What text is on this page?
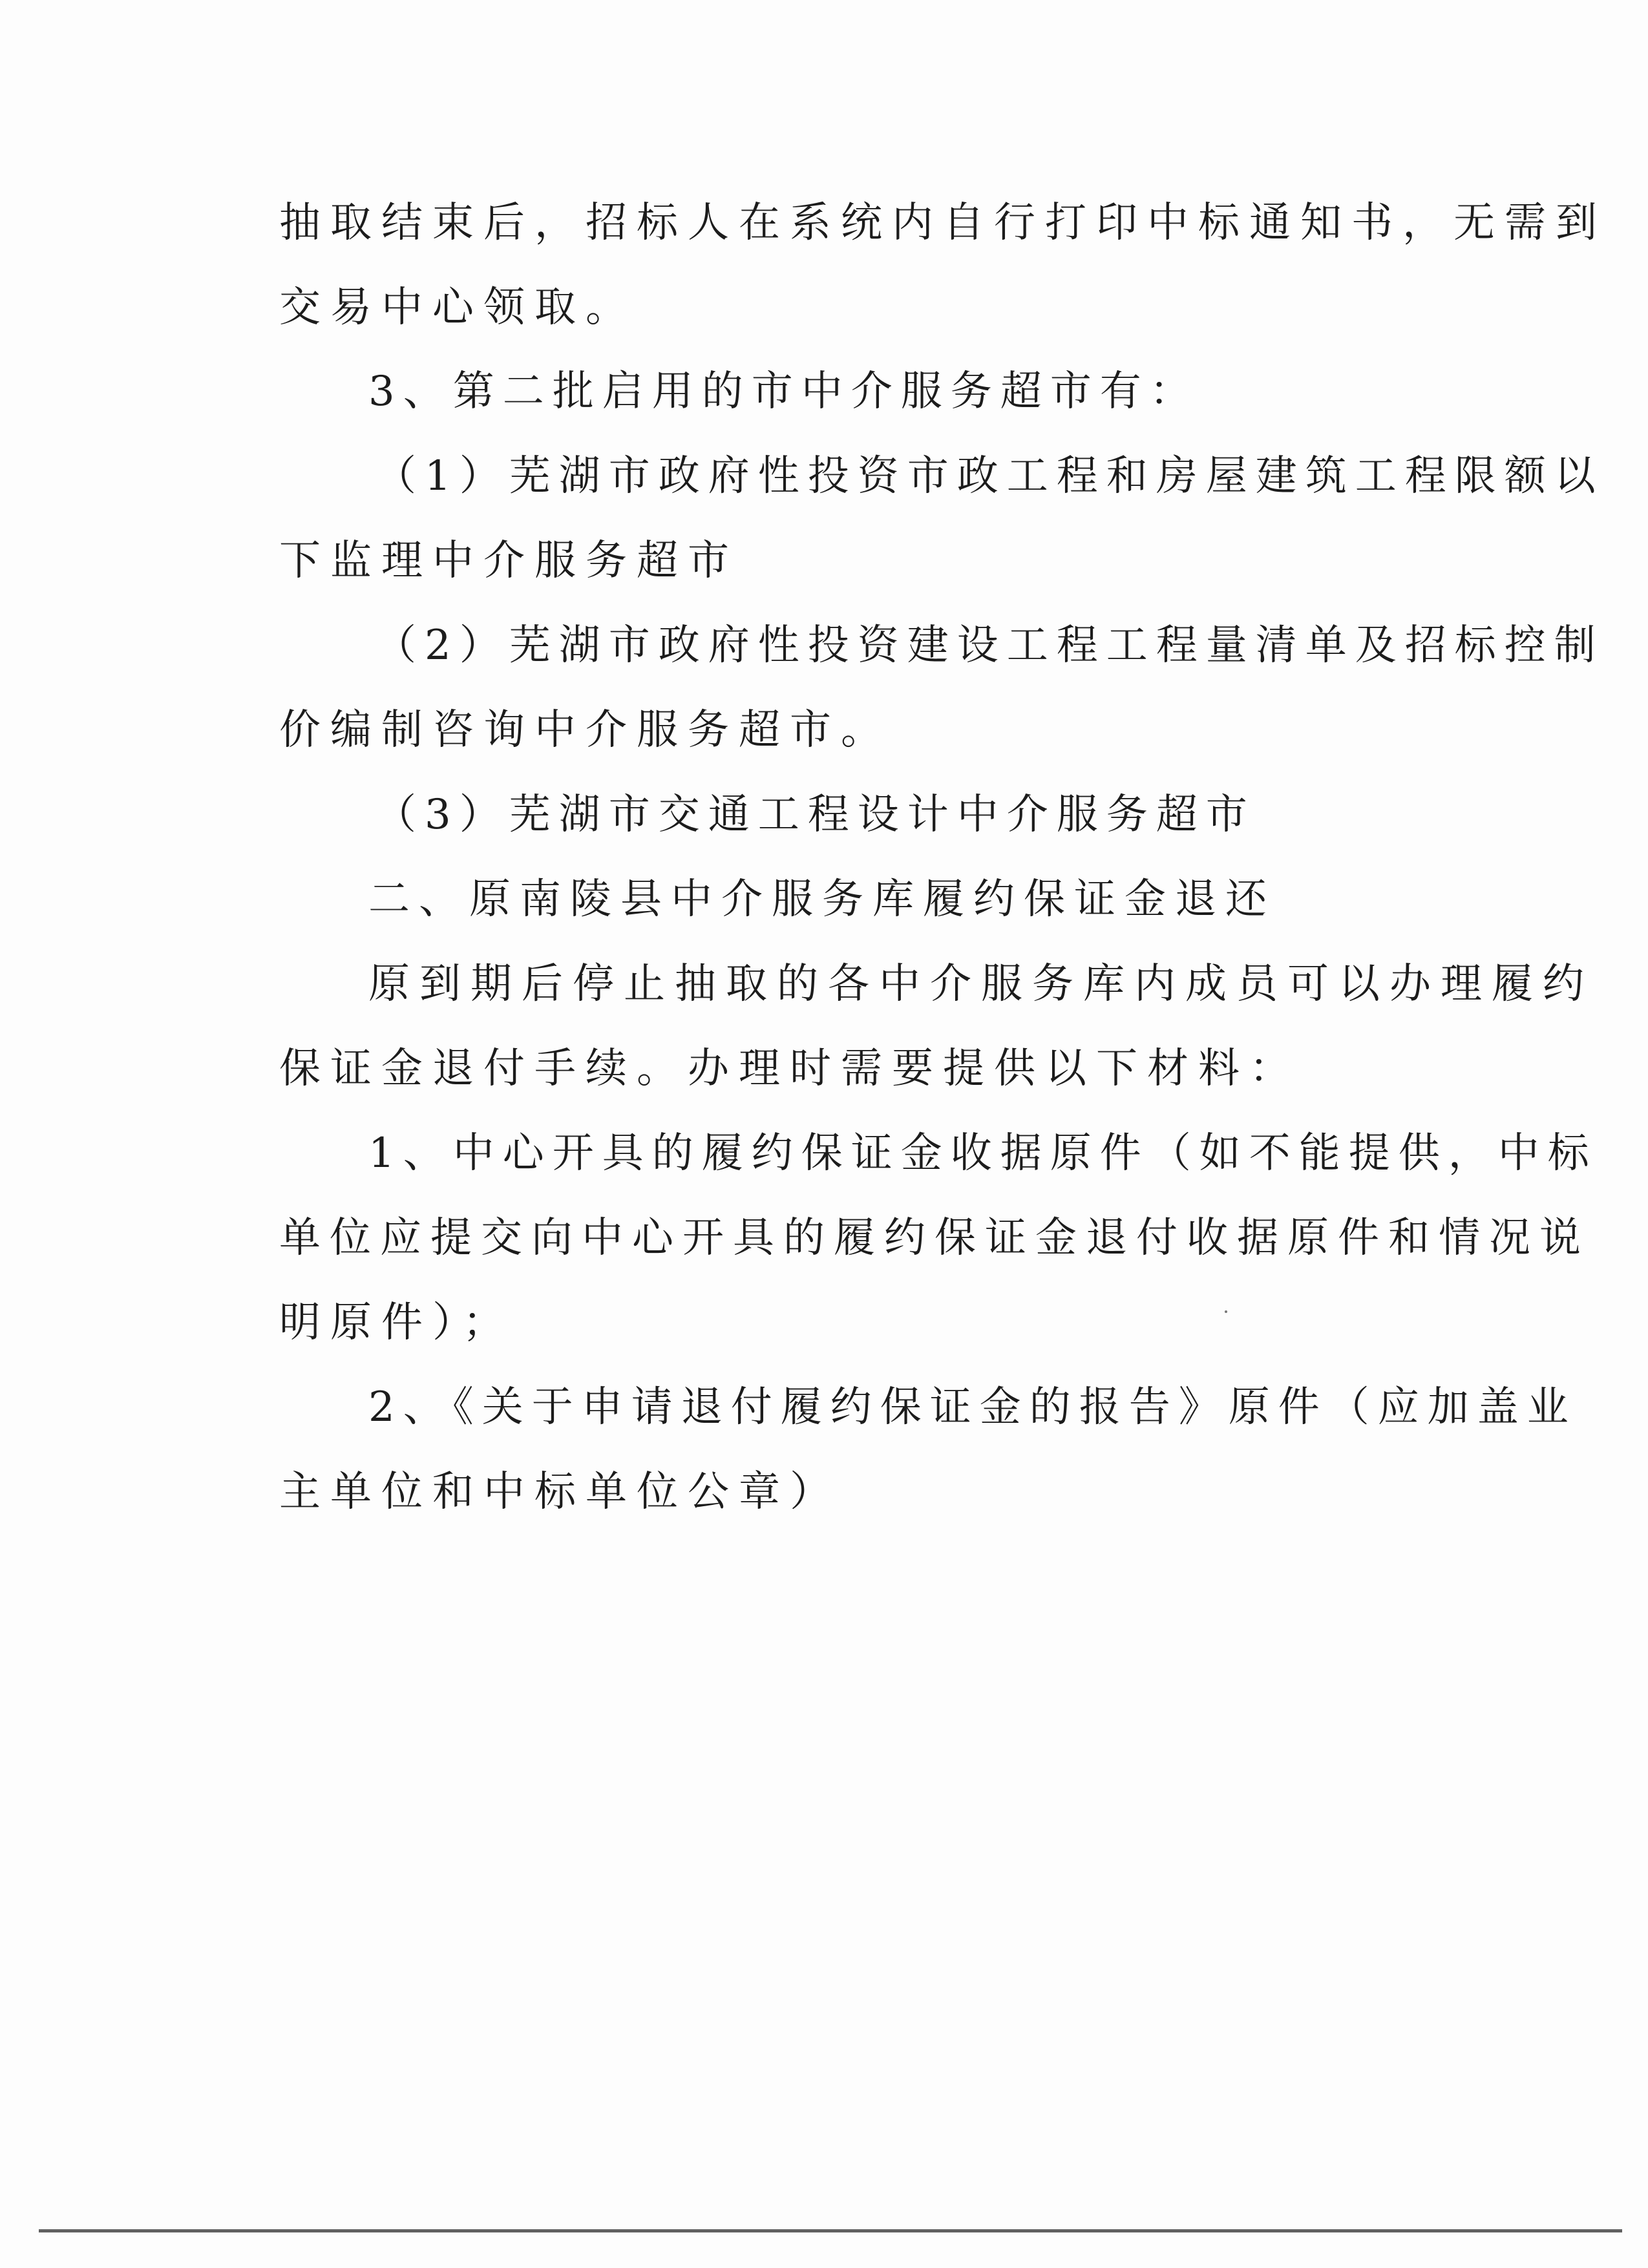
抽取结束后，招标人在系统内自行打印中标通知书，无需到

交易中心领取。

3、第二批启用的市中介服务超市有：

（1）芜湖市政府性投资市政工程和房屋建筑工程限额以

下监理中介服务超市

（2）芜湖市政府性投资建设工程工程量清单及招标控制

价编制咨询中介服务超市。

（3）芜湖市交通工程设计中介服务超市

二、原南陵县中介服务库履约保证金退还

原到期后停止抽取的各中介服务库内成员可以办理履约

保证金退付手续。办理时需要提供以下材料：

1、中心开具的履约保证金收据原件（如不能提供，中标

单位应提交向中心开具的履约保证金退付收据原件和情况说

明原件）；

2、《关于申请退付履约保证金的报告》原件（应加盖业

主单位和中标单位公章）
